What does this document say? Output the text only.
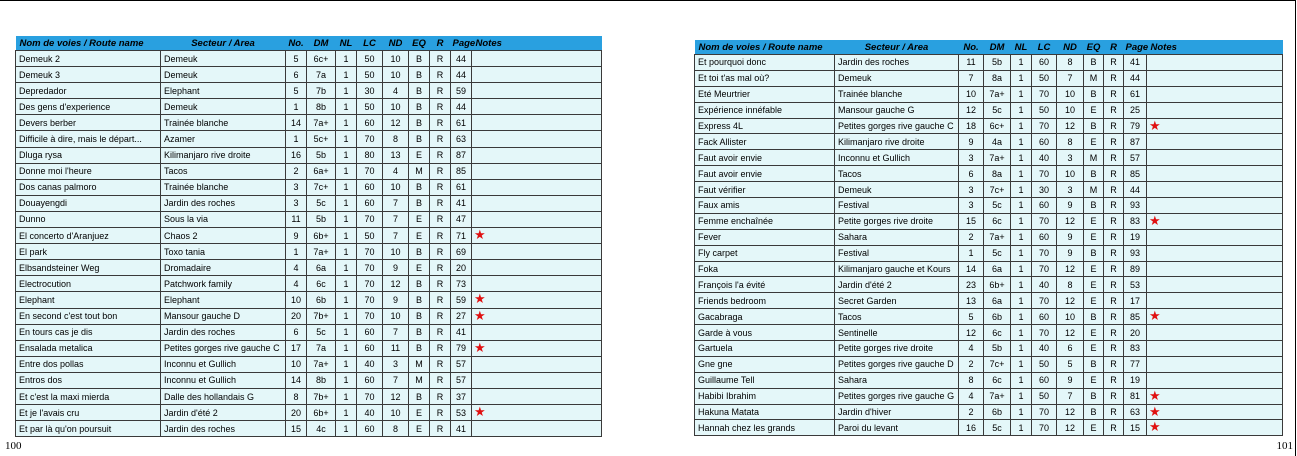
Nom de voies / Route name	Secteur / Area	No.	DM	NL	LC	ND	EQ	R	Page	Notes
Demeuk 2	Demeuk	5	6c+	1	50	10	B	R	44	
Demeuk 3	Demeuk	6	7a	1	50	10	B	R	44	
Depredador	Elephant	5	7b	1	30	4	B	R	59	
Des gens d'experience	Demeuk	1	8b	1	50	10	B	R	44	
Devers berber	Trainée blanche	14	7a+	1	60	12	B	R	61	
Difficile à dire, mais le départ...	Azamer	1	5c+	1	70	8	B	R	63	
Dluga rysa	Kilimanjaro rive droite	16	5b	1	80	13	E	R	87	
Donne moi l'heure	Tacos	2	6a+	1	70	4	M	R	85	
Dos canas palmoro	Trainée blanche	3	7c+	1	60	10	B	R	61	
Douayengdi	Jardin des roches	3	5c	1	60	7	B	R	41	
Dunno	Sous la via	11	5b	1	70	7	E	R	47	
El concerto d'Aranjuez	Chaos 2	9	6b+	1	50	7	E	R	71	★
El park	Toxo tania	1	7a+	1	70	10	B	R	69	
Elbsandsteiner Weg	Dromadaire	4	6a	1	70	9	E	R	20	
Electrocution	Patchwork family	4	6c	1	70	12	B	R	73	
Elephant	Elephant	10	6b	1	70	9	B	R	59	★
En second c'est tout bon	Mansour gauche D	20	7b+	1	70	10	B	R	27	★
En tours cas je dis	Jardin des roches	6	5c	1	60	7	B	R	41	
Ensalada metalica	Petites gorges rive gauche C	17	7a	1	60	11	B	R	79	★
Entre dos pollas	Inconnu et Gullich	10	7a+	1	40	3	M	R	57	
Entros dos	Inconnu et Gullich	14	8b	1	60	7	M	R	57	
Et c'est la maxi mierda	Dalle des hollandais G	8	7b+	1	70	12	B	R	37	
Et je l'avais cru	Jardin d'été 2	20	6b+	1	40	10	E	R	53	★
Et par là qu'on poursuit	Jardin des roches	15	4c	1	60	8	E	R	41	
100
Nom de voies / Route name	Secteur / Area	No.	DM	NL	LC	ND	EQ	R	Page	Notes
Et pourquoi donc	Jardin des roches	11	5b	1	60	8	B	R	41	
Et toi t'as mal où?	Demeuk	7	8a	1	50	7	M	R	44	
Eté Meurtrier	Trainée blanche	10	7a+	1	70	10	B	R	61	
Expérience innéfable	Mansour gauche G	12	5c	1	50	10	E	R	25	
Express 4L	Petites gorges rive gauche C	18	6c+	1	70	12	B	R	79	★
Fack Allister	Kilimanjaro rive droite	9	4a	1	60	8	E	R	87	
Faut avoir envie	Inconnu et Gullich	3	7a+	1	40	3	M	R	57	
Faut avoir envie	Tacos	6	8a	1	70	10	B	R	85	
Faut vérifier	Demeuk	3	7c+	1	30	3	M	R	44	
Faux amis	Festival	3	5c	1	60	9	B	R	93	
Femme enchaînée	Petite gorges rive droite	15	6c	1	70	12	E	R	83	★
Fever	Sahara	2	7a+	1	60	9	E	R	19	
Fly carpet	Festival	1	5c	1	70	9	B	R	93	
Foka	Kilimanjaro gauche et Kours	14	6a	1	70	12	E	R	89	
François l'a évité	Jardin d'été 2	23	6b+	1	40	8	E	R	53	
Friends bedroom	Secret Garden	13	6a	1	70	12	E	R	17	
Gacabraga	Tacos	5	6b	1	60	10	B	R	85	★
Garde à vous	Sentinelle	12	6c	1	70	12	E	R	20	
Gartuela	Petite gorges rive droite	4	5b	1	40	6	E	R	83	
Gne gne	Petites gorges rive gauche D	2	7c+	1	50	5	B	R	77	
Guillaume Tell	Sahara	8	6c	1	60	9	E	R	19	
Habibi Ibrahim	Petites gorges rive gauche G	4	7a+	1	50	7	B	R	81	★
Hakuna Matata	Jardin d'hiver	2	6b	1	70	12	B	R	63	★
Hannah chez les grands	Paroi du levant	16	5c	1	70	12	E	R	15	★
101
